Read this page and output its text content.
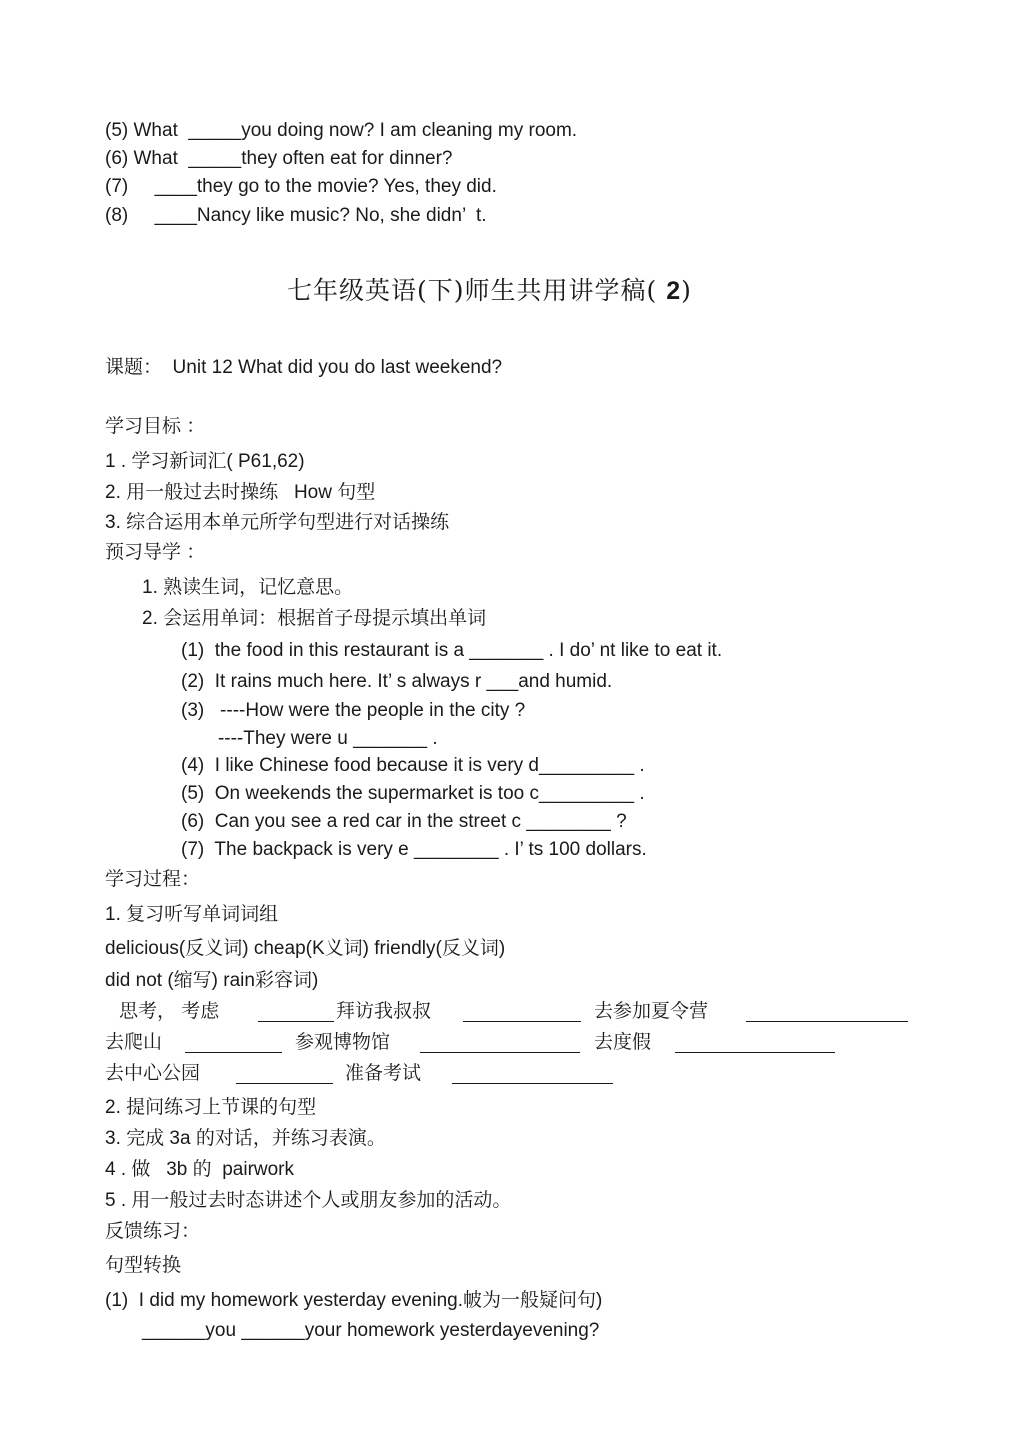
(5) What  _____you doing now? I am cleaning my room.
(6) What  _____they often eat for dinner?
(7)     ____they go to the movie? Yes, they did.
(8)     ____Nancy like music? No, she didn’  t.
七年级英语(下)师生共用讲学稿( 2)
课题：  Unit 12 What did you do last weekend?
学习目标 ：
1 . 学习新词汇( P61,62)
2. 用一般过去时操练   How 句型
3. 综合运用本单元所学句型进行对话操练
预习导学 ：
1. 熟读生词，记忆意思。
2. 会运用单词：根据首子母提示填出单词
(1)  the food in this restaurant is a _______ . I do’ nt like to eat it.
(2)  It rains much here. It’ s always r ___and humid.
(3)   ----How were the people in the city ?
----They were u _______ .
(4)  I like Chinese food because it is very d_________ .
(5)  On weekends the supermarket is too c_________ .
(6)  Can you see a red car in the street c ________ ?
(7)  The backpack is very e ________ . I’ ts 100 dollars.
学习过程：
1. 复习听写单词词组
delicious(反义词) cheap(K义词) friendly(反义词)
did not (缩写) rain彩容词)
思考， 考虑	拜访我叔叔	去参加夏令营
去爬山	参观博物馆	去度假
去中心公园	准备考试
2. 提问练习上节课的句型
3. 完成 3a 的对话，并练习表演。
4 . 做   3b 的  pairwork
5 . 用一般过去时态讲述个人或朋友参加的活动。
反馈练习：
句型转换
(1)  I did my homework yesterday evening.帔为一般疑问句)
______you ______your homework yesterdayevening?
